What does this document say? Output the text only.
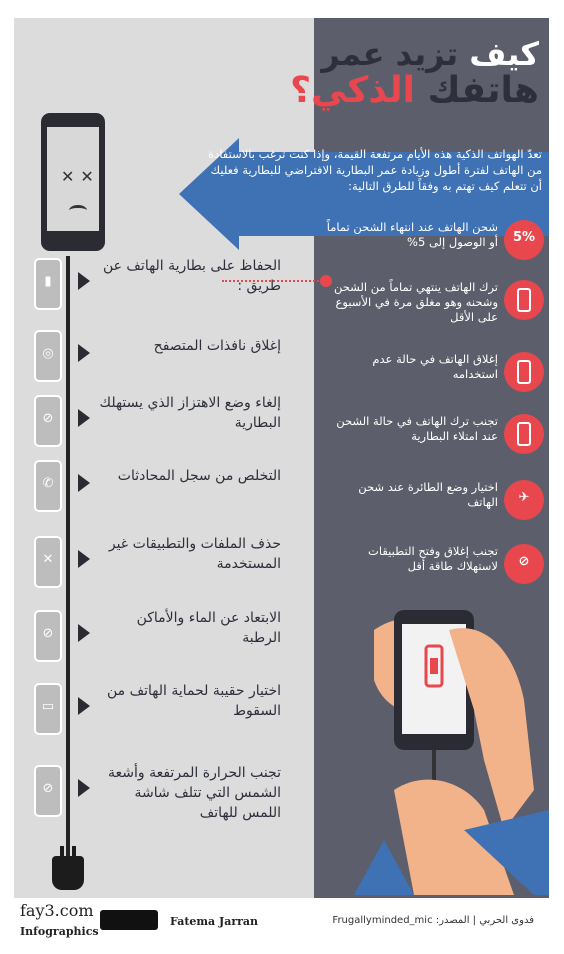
كيف تزيد عمر
هاتفك الذكي؟
تعدّ الهواتف الذكية هذه الأيام مرتفعة القيمة، وإذا كنت ترغب بالاستفادة من الهاتف لفترة أطول وزيادة عمر البطارية الافتراضي للبطارية فعليك أن تتعلم كيف تهتم به وفقاً للطرق التالية:
✕✕
▮
الحفاظ على بطارية الهاتف عن طريق :
◎	إغلاق نافذات المتصفح
⊘
إلغاء وضع الاهتزاز الذي يستهلك البطارية
✆	التخلص من سجل المحادثات
✕
حذف الملفات والتطبيقات غير المستخدمة
⊘
الابتعاد عن الماء والأماكن الرطبة
▭
اختيار حقيبة لحماية الهاتف من السقوط
⊘
تجنب الحرارة المرتفعة وأشعة الشمس التي تتلف شاشة اللمس للهاتف
شحن الهاتف عند انتهاء الشحن تماماً أو الوصول إلى 5%	5%
ترك الهاتف ينتهي تماماً من الشحن وشحنه وهو مغلق مرة في الأسبوع على الأقل
إغلاق الهاتف في حالة عدم استخدامه
تجنب ترك الهاتف في حالة الشحن عند امتلاء البطارية
اختيار وضع الطائرة عند شحن الهاتف	✈
تجنب إغلاق وفتح التطبيقات لاستهلاك طاقة أقل	⊘
fay3.com
Infographics
Fatema Jarran	فدوى الحربي | المصدر: Frugallyminded_mic
